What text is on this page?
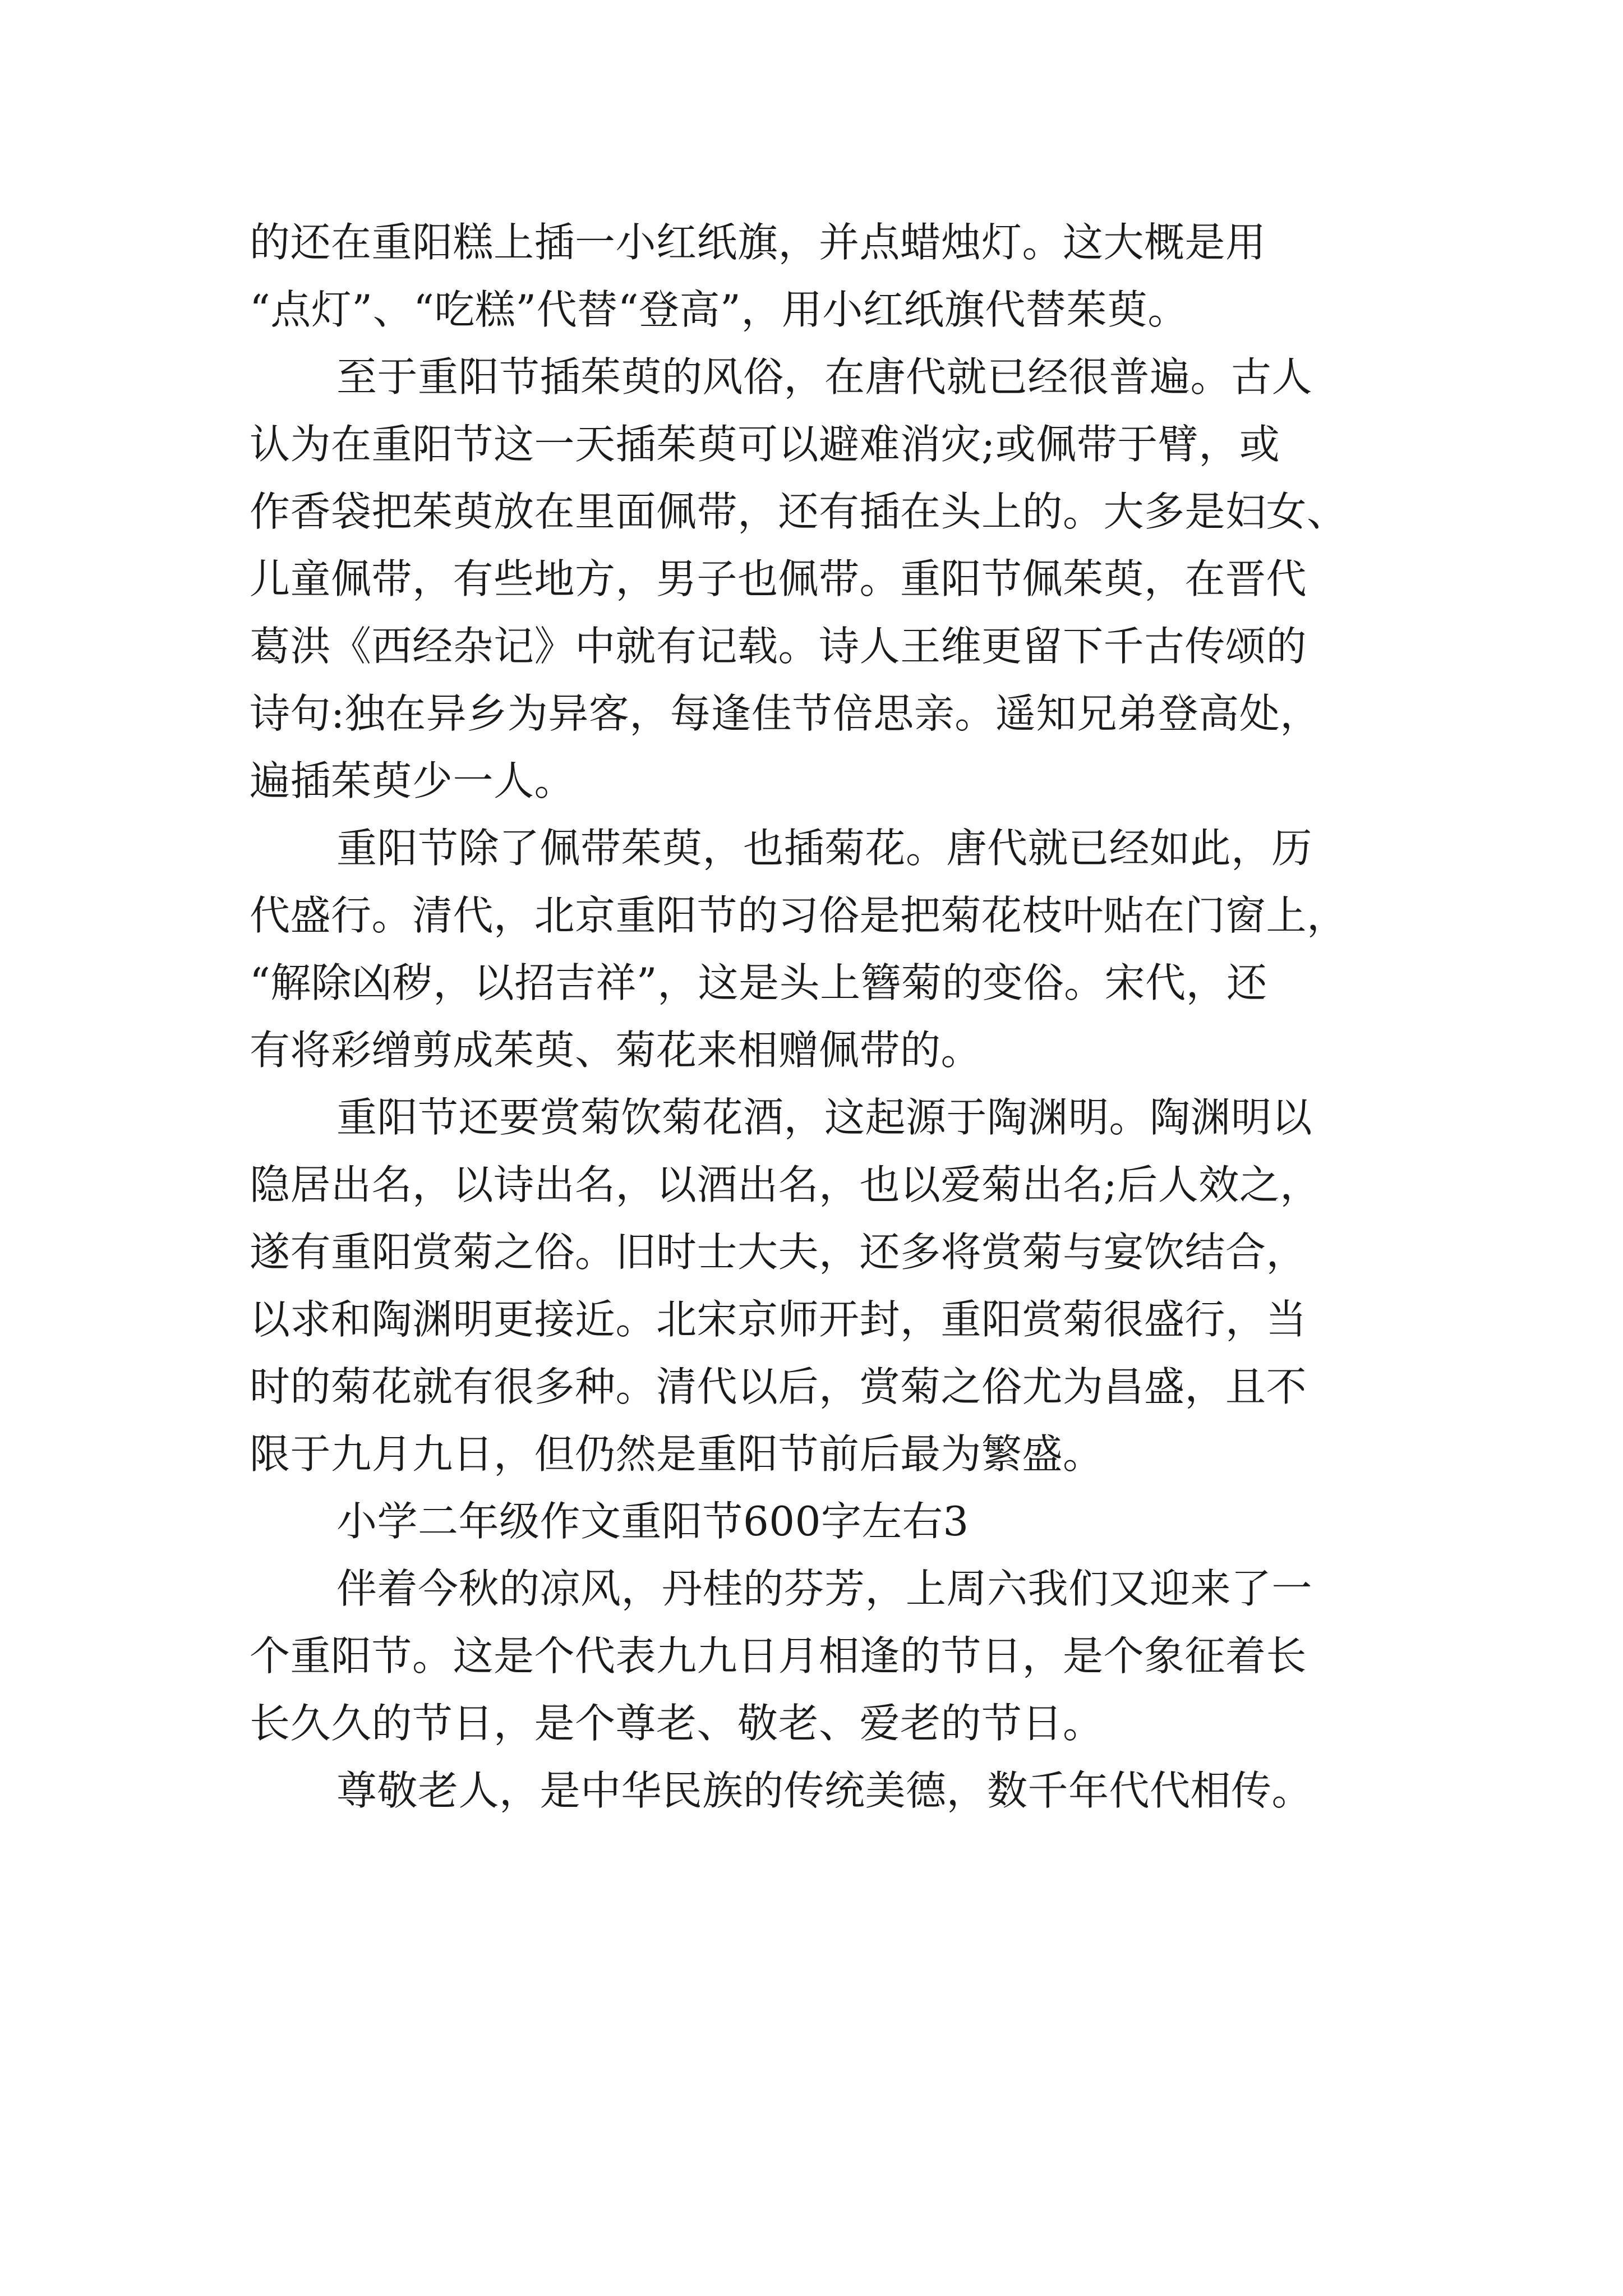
的还在重阳糕上插一小红纸旗，并点蜡烛灯。这大概是用
“点灯”、“吃糕”代替“登高”，用小红纸旗代替茱萸。
至于重阳节插茱萸的风俗，在唐代就已经很普遍。古人
认为在重阳节这一天插茱萸可以避难消灾;或佩带于臂，或
作香袋把茱萸放在里面佩带，还有插在头上的。大多是妇女、
儿童佩带，有些地方，男子也佩带。重阳节佩茱萸，在晋代
葛洪《西经杂记》中就有记载。诗人王维更留下千古传颂的
诗句:独在异乡为异客，每逢佳节倍思亲。遥知兄弟登高处，
遍插茱萸少一人。
重阳节除了佩带茱萸，也插菊花。唐代就已经如此，历
代盛行。清代，北京重阳节的习俗是把菊花枝叶贴在门窗上，
“解除凶秽，以招吉祥”，这是头上簪菊的变俗。宋代，还
有将彩缯剪成茱萸、菊花来相赠佩带的。
重阳节还要赏菊饮菊花酒，这起源于陶渊明。陶渊明以
隐居出名，以诗出名，以酒出名，也以爱菊出名;后人效之，
遂有重阳赏菊之俗。旧时士大夫，还多将赏菊与宴饮结合，
以求和陶渊明更接近。北宋京师开封，重阳赏菊很盛行，当
时的菊花就有很多种。清代以后，赏菊之俗尤为昌盛，且不
限于九月九日，但仍然是重阳节前后最为繁盛。
小学二年级作文重阳节600字左右3
伴着今秋的凉风，丹桂的芬芳，上周六我们又迎来了一
个重阳节。这是个代表九九日月相逢的节日，是个象征着长
长久久的节日，是个尊老、敬老、爱老的节日。
尊敬老人，是中华民族的传统美德，数千年代代相传。
